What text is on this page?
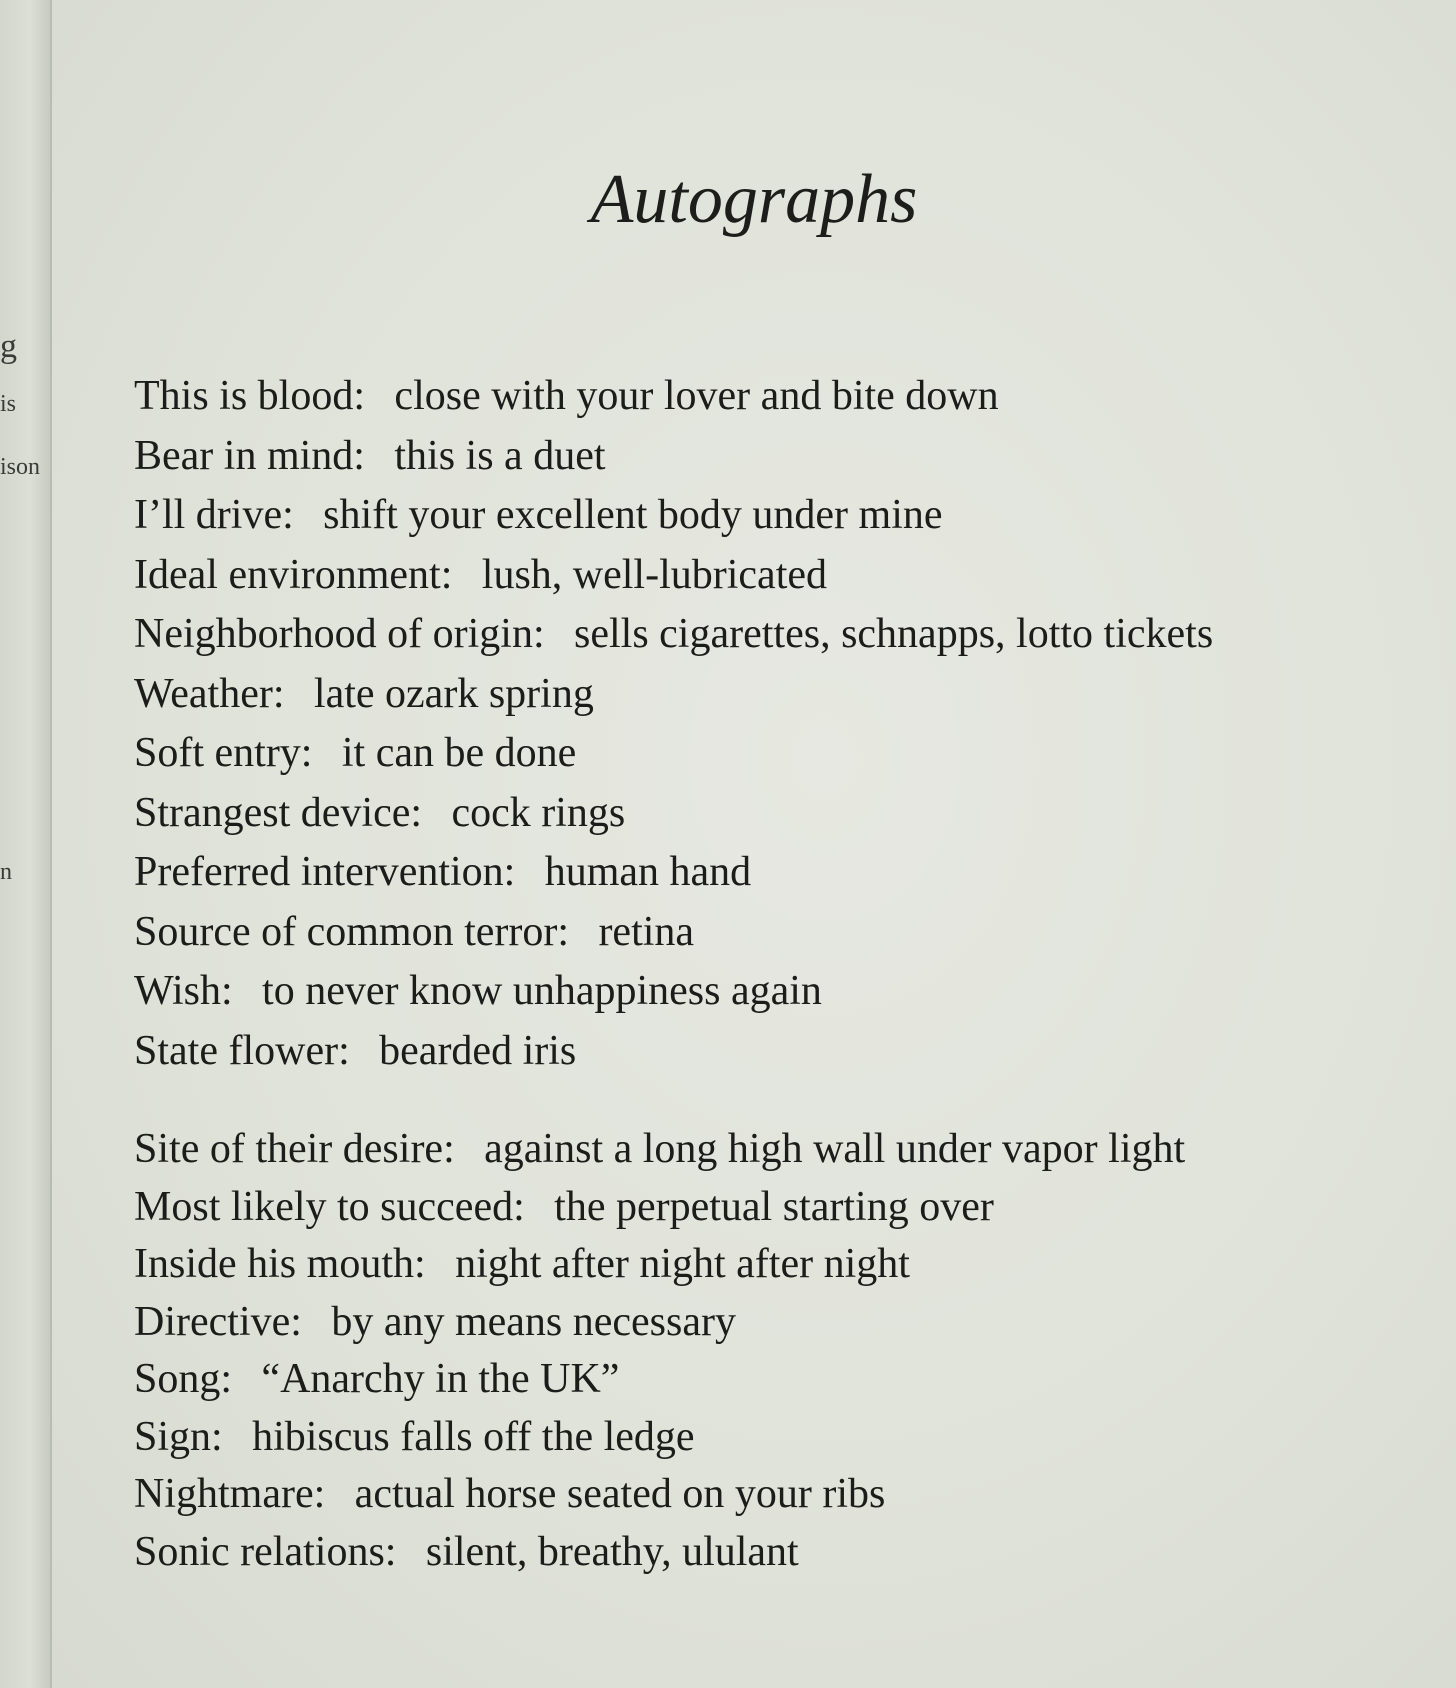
g
is
ison
n
Autographs
This is blood: close with your lover and bite down
Bear in mind: this is a duet
I’ll drive: shift your excellent body under mine
Ideal environment: lush, well-lubricated
Neighborhood of origin: sells cigarettes, schnapps, lotto tickets
Weather: late ozark spring
Soft entry: it can be done
Strangest device: cock rings
Preferred intervention: human hand
Source of common terror: retina
Wish: to never know unhappiness again
State flower: bearded iris
Site of their desire: against a long high wall under vapor light
Most likely to succeed: the perpetual starting over
Inside his mouth: night after night after night
Directive: by any means necessary
Song: “Anarchy in the UK”
Sign: hibiscus falls off the ledge
Nightmare: actual horse seated on your ribs
Sonic relations: silent, breathy, ululant
